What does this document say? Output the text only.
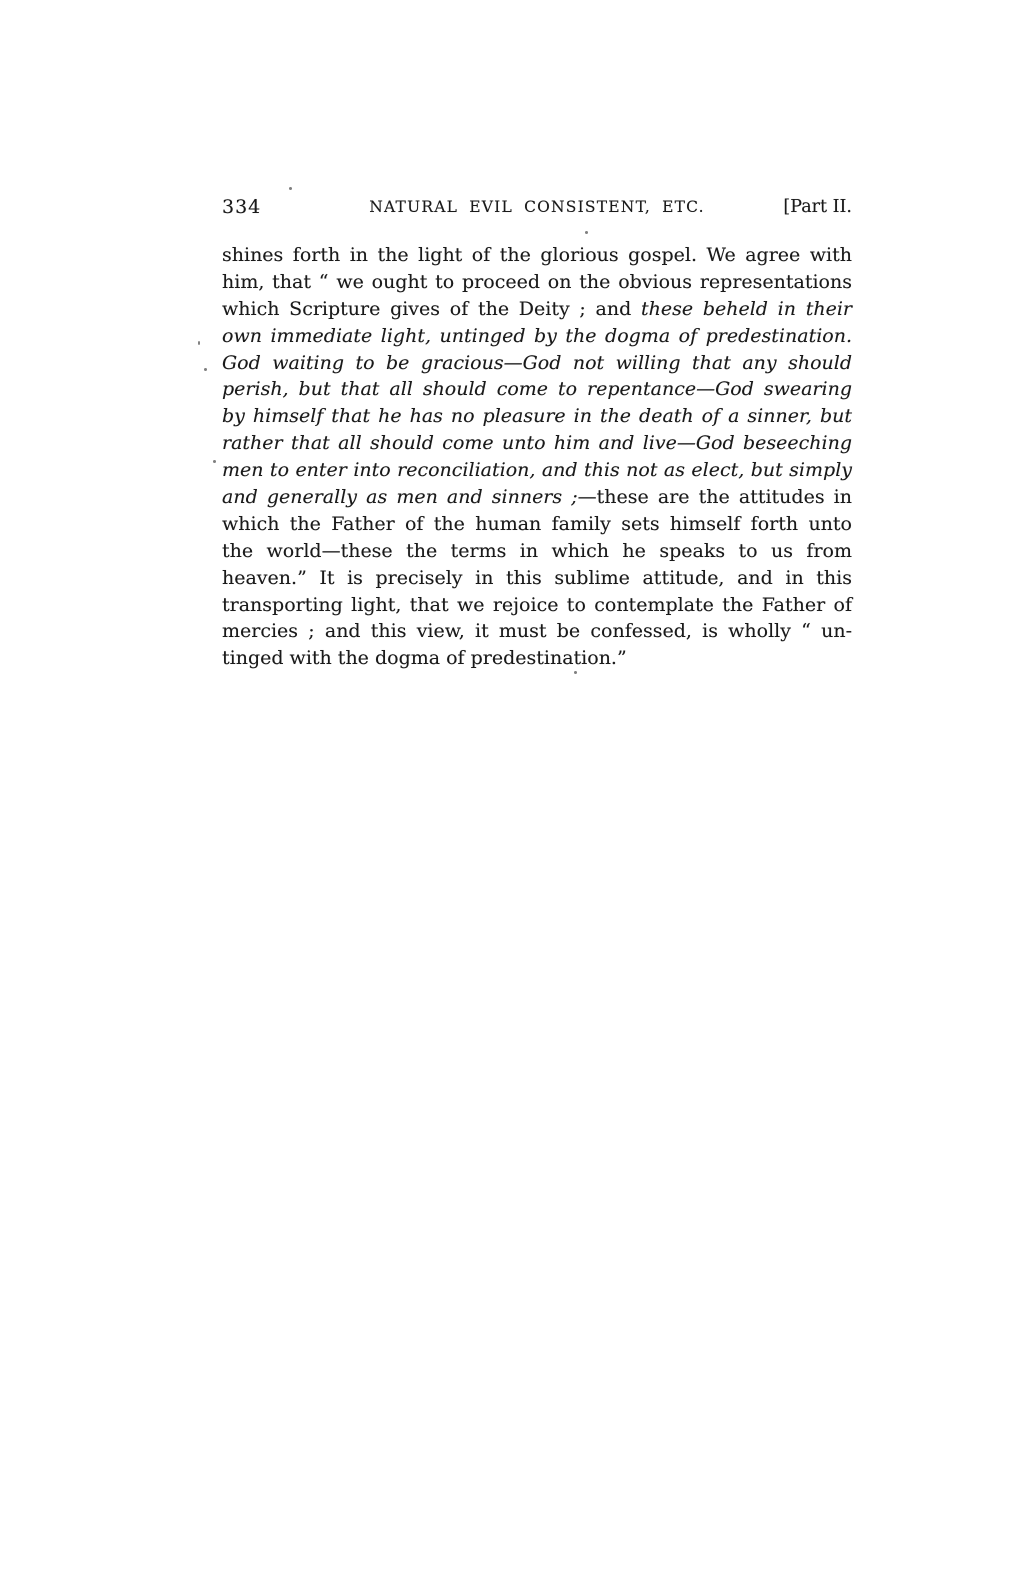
334	NATURAL EVIL CONSISTENT, ETC.	[Part II.
shines forth in the light of the glorious gospel. We agree with
him, that “ we ought to proceed on the obvious representations
which Scripture gives of the Deity ; and these beheld in their
own immediate light, untinged by the dogma of predestination.
God waiting to be gracious—God not willing that any should
perish, but that all should come to repentance—God swearing
by himself that he has no pleasure in the death of a sinner, but
rather that all should come unto him and live—God beseeching
men to enter into reconciliation, and this not as elect, but simply
and generally as men and sinners ;—these are the attitudes in
which the Father of the human family sets himself forth unto
the world—these the terms in which he speaks to us from
heaven.” It is precisely in this sublime attitude, and in this
transporting light, that we rejoice to contemplate the Father of
mercies ; and this view, it must be confessed, is wholly “ un-
tinged with the dogma of predestination.”
